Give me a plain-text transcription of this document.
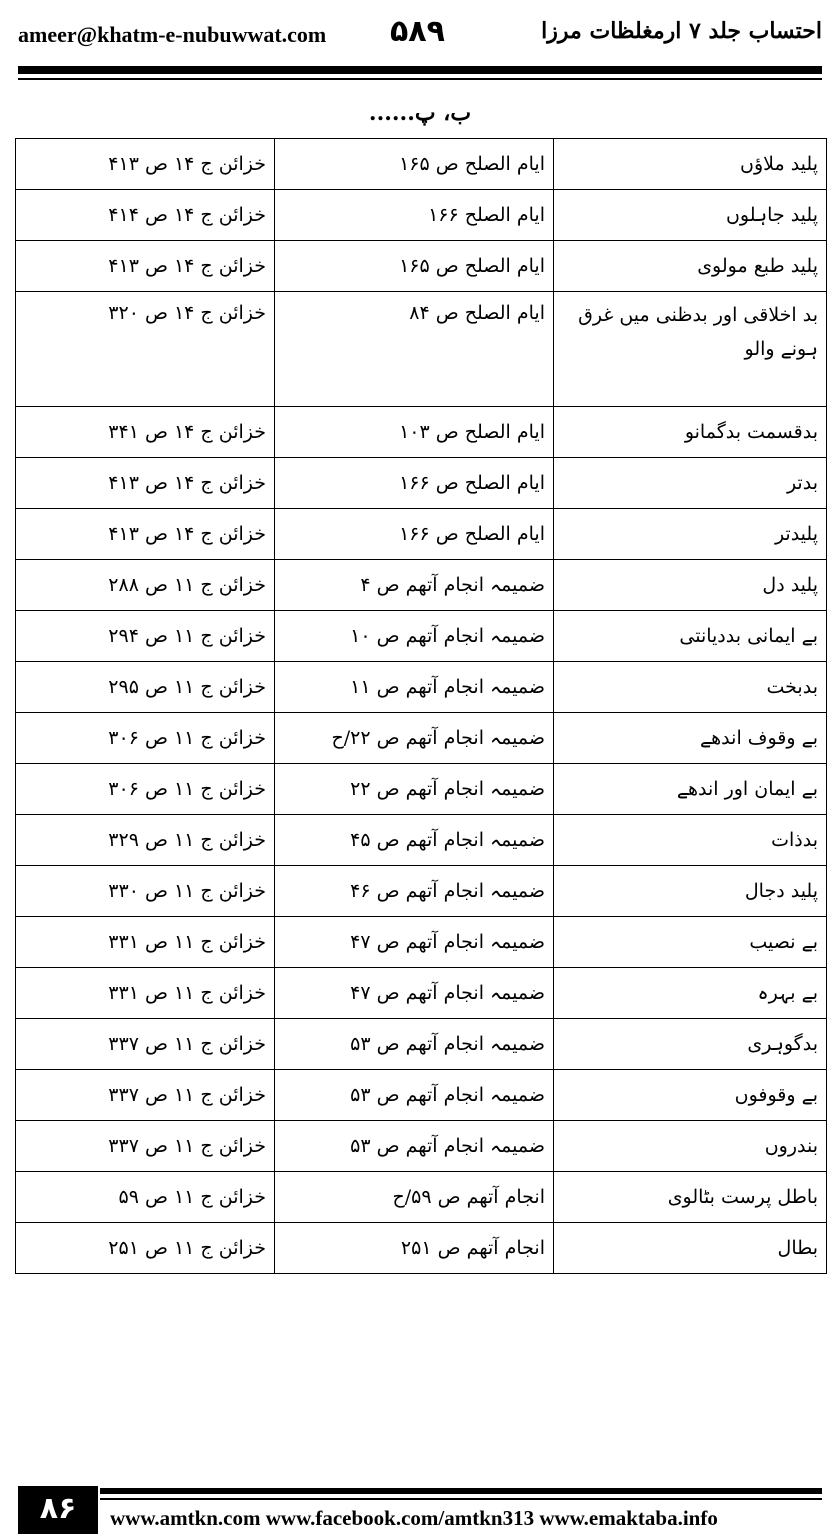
ameer@khatm-e-nubuwwat.com ۵۸۹	احتساب جلد ۷ ارمغلظات مرزا
ب، پ......
پلید ملاؤں	ایام الصلح ص ۱۶۵	خزائن ج ۱۴ ص ۴۱۳
پلید جاہلوں	ایام الصلح ۱۶۶	خزائن ج ۱۴ ص ۴۱۴
پلید طبع مولوی	ایام الصلح ص ۱۶۵	خزائن ج ۱۴ ص ۴۱۳
بد اخلاقی اور بدظنی میں غرق ہونے والو	ایام الصلح ص ۸۴	خزائن ج ۱۴ ص ۳۲۰
بدقسمت بدگمانو	ایام الصلح ص ۱۰۳	خزائن ج ۱۴ ص ۳۴۱
بدتر	ایام الصلح ص ۱۶۶	خزائن ج ۱۴ ص ۴۱۳
پلیدتر	ایام الصلح ص ۱۶۶	خزائن ج ۱۴ ص ۴۱۳
پلید دل	ضمیمہ انجام آتھم ص ۴	خزائن ج ۱۱ ص ۲۸۸
بے ایمانی بددیانتی	ضمیمہ انجام آتھم ص ۱۰	خزائن ج ۱۱ ص ۲۹۴
بدبخت	ضمیمہ انجام آتھم ص ۱۱	خزائن ج ۱۱ ص ۲۹۵
بے وقوف اندھے	ضمیمہ انجام آتھم ص ۲۲/ح	خزائن ج ۱۱ ص ۳۰۶
بے ایمان اور اندھے	ضمیمہ انجام آتھم ص ۲۲	خزائن ج ۱۱ ص ۳۰۶
بدذات	ضمیمہ انجام آتھم ص ۴۵	خزائن ج ۱۱ ص ۳۲۹
پلید دجال	ضمیمہ انجام آتھم ص ۴۶	خزائن ج ۱۱ ص ۳۳۰
بے نصیب	ضمیمہ انجام آتھم ص ۴۷	خزائن ج ۱۱ ص ۳۳۱
بے بہرہ	ضمیمہ انجام آتھم ص ۴۷	خزائن ج ۱۱ ص ۳۳۱
بدگوہری	ضمیمہ انجام آتھم ص ۵۳	خزائن ج ۱۱ ص ۳۳۷
بے وقوفوں	ضمیمہ انجام آتھم ص ۵۳	خزائن ج ۱۱ ص ۳۳۷
بندروں	ضمیمہ انجام آتھم ص ۵۳	خزائن ج ۱۱ ص ۳۳۷
باطل پرست بٹالوی	انجام آتھم ص ۵۹/ح	خزائن ج ۱۱ ص ۵۹
بطال	انجام آتھم ص ۲۵۱	خزائن ج ۱۱ ص ۲۵۱
۸۶	www.amtkn.com www.facebook.com/amtkn313 www.emaktaba.info
